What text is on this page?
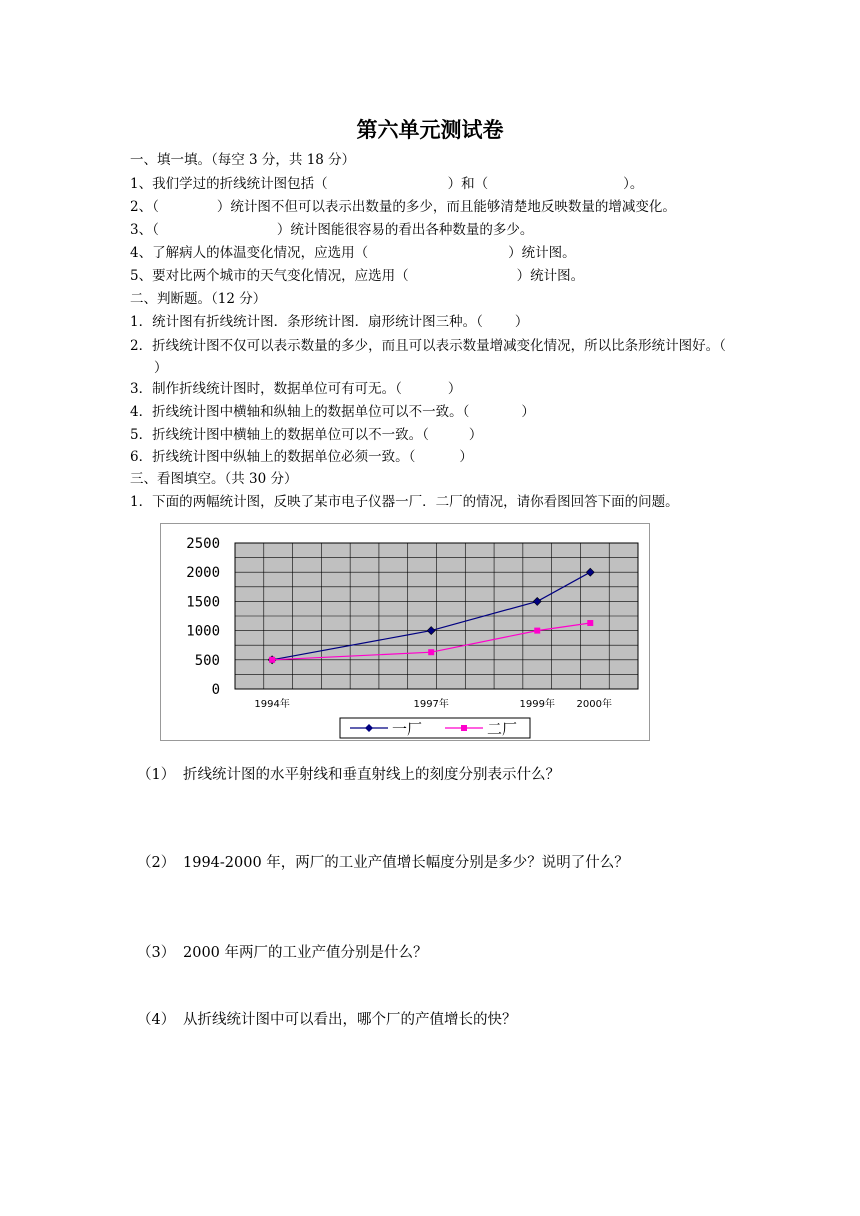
第六单元测试卷
一、填一填。（每空 3 分，共 18 分）
1、我们学过的折线统计图包括（	）和（	）。
2、（	）统计图不但可以表示出数量的多少，而且能够清楚地反映数量的增减变化。
3、（	）统计图能很容易的看出各种数量的多少。
4、了解病人的体温变化情况，应选用（	）统计图。
5、要对比两个城市的天气变化情况，应选用（	）统计图。
二、判断题。（12 分）
1．统计图有折线统计图．条形统计图．扇形统计图三种。（ ）
2．折线统计图不仅可以表示数量的多少，而且可以表示数量增减变化情况，所以比条形统计图好。（）
3．制作折线统计图时，数据单位可有可无。（	）
4．折线统计图中横轴和纵轴上的数据单位可以不一致。（	）
5．折线统计图中横轴上的数据单位可以不一致。（	）
6．折线统计图中纵轴上的数据单位必须一致。（	）
三、看图填空。（共 30 分）
1．下面的两幅统计图，反映了某市电子仪器一厂．二厂的情况，请你看图回答下面的问题。
2500
2000
1500
1000
500
0
1994年	1997年	1999年 2000年
一厂	二厂
（1） 折线统计图的水平射线和垂直射线上的刻度分别表示什么？
（2） 1994-2000 年，两厂的工业产值增长幅度分别是多少？说明了什么？
（3） 2000 年两厂的工业产值分别是什么？
（4） 从折线统计图中可以看出，哪个厂的产值增长的快？
